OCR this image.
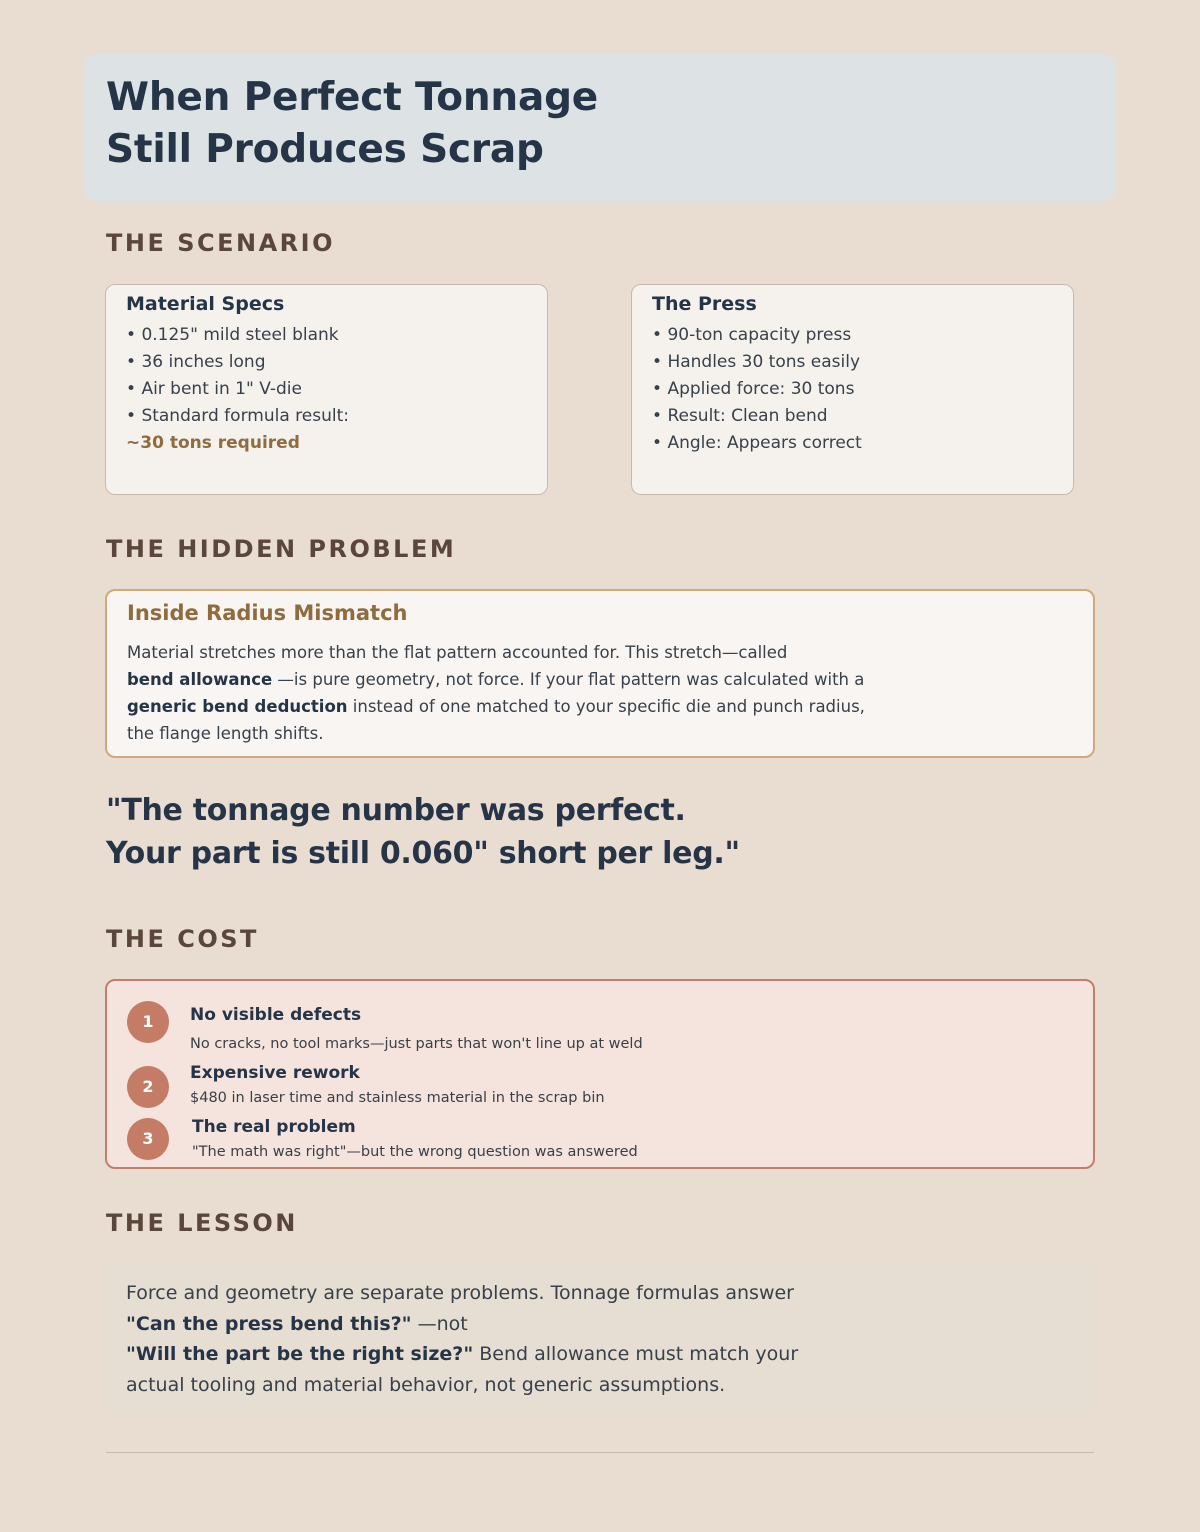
When Perfect Tonnage
Still Produces Scrap
THE SCENARIO
Material Specs
• 0.125" mild steel blank
• 36 inches long
• Air bent in 1" V-die
• Standard formula result:
~30 tons required
The Press
• 90-ton capacity press
• Handles 30 tons easily
• Applied force: 30 tons
• Result: Clean bend
• Angle: Appears correct
THE HIDDEN PROBLEM
Inside Radius Mismatch

Material stretches more than the flat pattern accounted for. This stretch—called
bend allowance —is pure geometry, not force. If your flat pattern was calculated with a
generic bend deduction instead of one matched to your specific die and punch radius, the flange length shifts.

"The tonnage number was perfect.
Your part is still 0.060" short per leg."
THE COST
1	No visible defects

No cracks, no tool marks—just parts that won't line up at weld

2

Expensive rework

$480 in laser time and stainless material in the scrap bin

3

The real problem

"The math was right"—but the wrong question was answered

THE LESSON

Force and geometry are separate problems. Tonnage formulas answer
"Can the press bend this?" —not
"Will the part be the right size?" Bend allowance must match your actual tooling and material behavior, not generic assumptions.
